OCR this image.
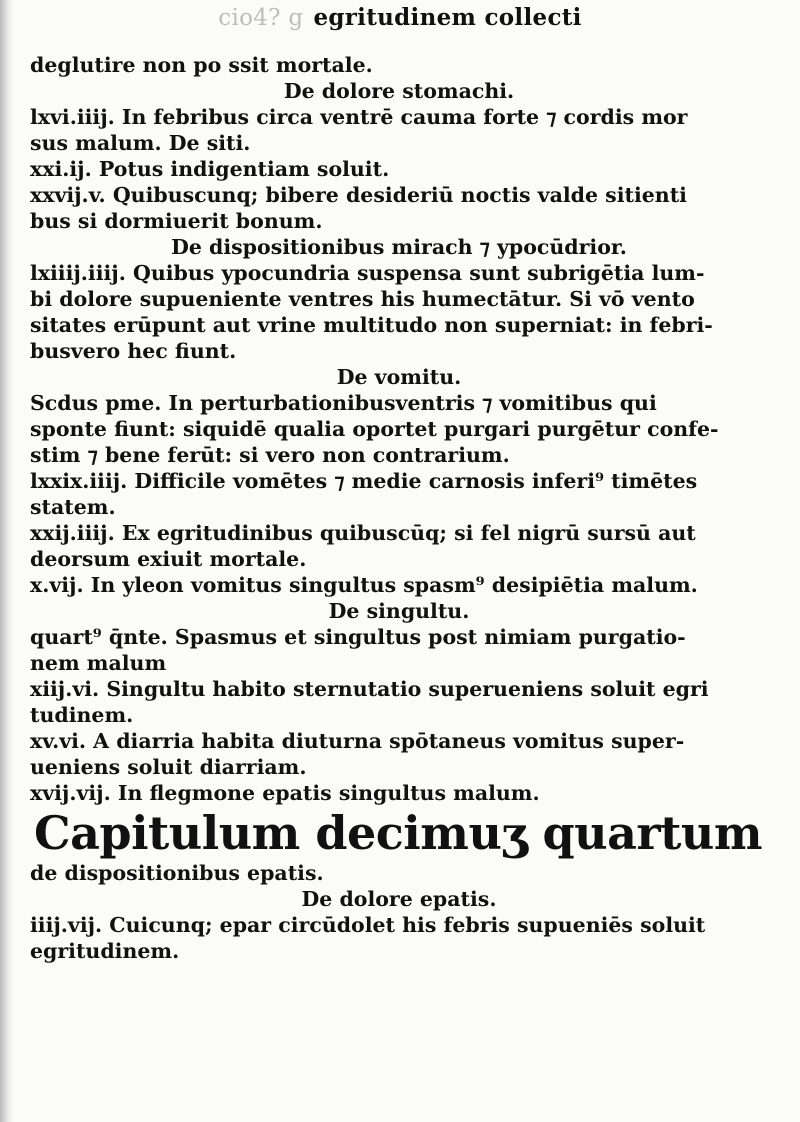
cio4? g egritudinem collecti
deglutire non po ssit mortale.
De dolore stomachi.
lxvi.iiij. In febribus circa ventrē cauma forte ⁊ cordis mor
sus malum. De siti.
xxi.ij. Potus indigentiam soluit.
xxvij.v. Quibuscunq; bibere desideriū noctis valde sitienti
bus si dormiuerit bonum.
De dispositionibus mirach ⁊ ypocūdrior.
lxiiij.iiij. Quibus ypocundria suspensa sunt subrigētia lum-
bi dolore supueniente ventres his humectātur. Si vō vento
sitates erūpunt aut vrine multitudo non superniat: in febri-
busvero hec fiunt.
De vomitu.
Scdus pme. In perturbationibusventris ⁊ vomitibus qui
sponte fiunt: siquidē qualia oportet purgari purgētur confe-
stim ⁊ bene ferūt: si vero non contrarium.
lxxix.iiij. Difficile vomētes ⁊ medie carnosis inferi⁹ timētes
statem.
xxij.iiij. Ex egritudinibus quibuscūq; si fel nigrū sursū aut
deorsum exiuit mortale.
x.vij. In yleon vomitus singultus spasm⁹ desipiētia malum.
De singultu.
quart⁹ q̄nte. Spasmus et singultus post nimiam purgatio-
nem malum
xiij.vi. Singultu habito sternutatio superueniens soluit egri
tudinem.
xv.vi. A diarria habita diuturna spōtaneus vomitus super-
ueniens soluit diarriam.
xvij.vij. In flegmone epatis singultus malum.
Capitulum decimuʒ quartum
de dispositionibus epatis.
De dolore epatis.
iiij.vij. Cuicunq; epar circūdolet his febris supueniēs soluit
egritudinem.
